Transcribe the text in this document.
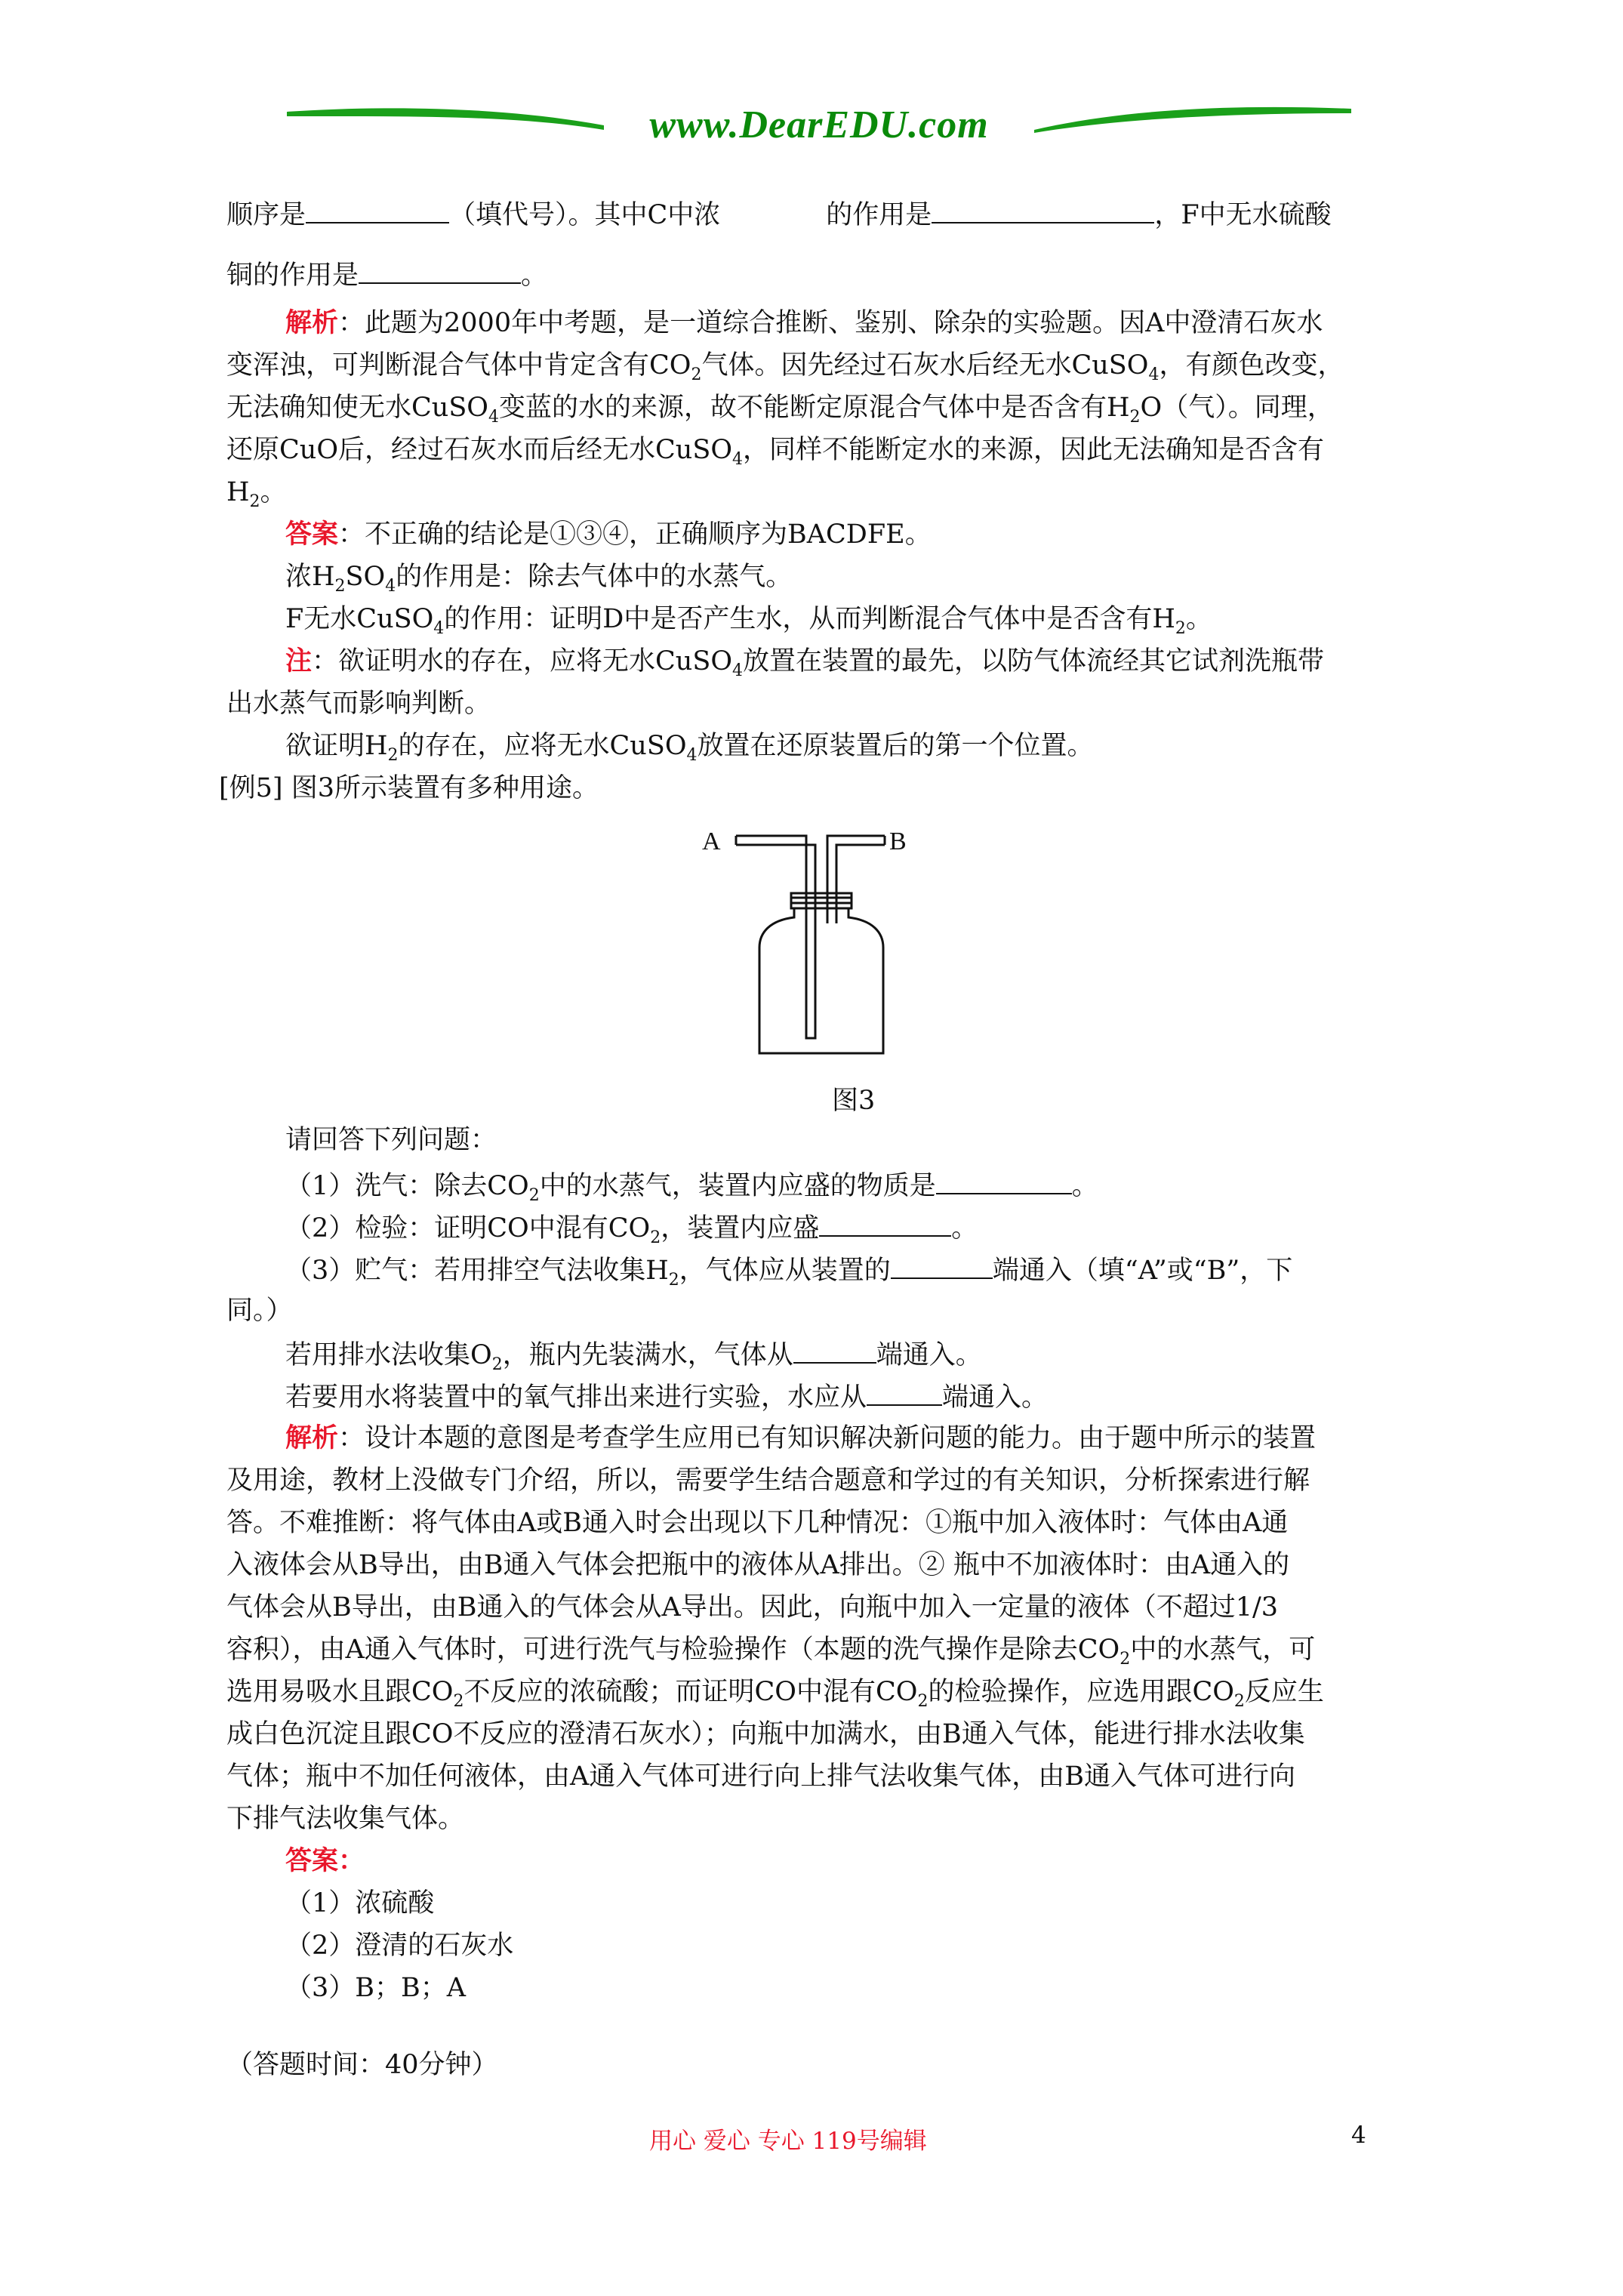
www.DearEDU.com
顺序是	（填代号）。其中C中浓	的作用是	，F中无水硫酸
铜的作用是	。
解析：此题为2000年中考题，是一道综合推断、鉴别、除杂的实验题。因A中澄清石灰水
变浑浊，可判断混合气体中肯定含有$CO_2$气体。因先经过石灰水后经无水CuSO$_4$，有颜色改变，
无法确知使无水CuSO$_4$变蓝的水的来源，故不能断定原混合气体中是否含有$H_2O$（气）。同理，
还原CuO后，经过石灰水而后经无水CuSO$_4$，同样不能断定水的来源，因此无法确知是否含有
$H_2$。
答案：不正确的结论是①③④，正确顺序为BACDFE。
浓$H_2SO_4$的作用是：除去气体中的水蒸气。
F无水CuSO$_4$的作用：证明D中是否产生水，从而判断混合气体中是否含有$H_2$。
注：欲证明水的存在，应将无水CuSO$_4$放置在装置的最先，以防气体流经其它试剂洗瓶带
出水蒸气而影响判断。
欲证明$H_2$的存在，应将无水CuSO$_4$放置在还原装置后的第一个位置。
[例5] 图3所示装置有多种用途。
A	B
图3
请回答下列问题：
（1）洗气：除去$CO_2$中的水蒸气，装置内应盛的物质是	。
（2）检验：证明CO中混有$CO_2$，装置内应盛	。
（3）贮气：若用排空气法收集$H_2$，气体应从装置的	端通入（填“A”或“B”，下
同。）
若用排水法收集$O_2$，瓶内先装满水，气体从	端通入。
若要用水将装置中的氧气排出来进行实验，水应从	端通入。
解析：设计本题的意图是考查学生应用已有知识解决新问题的能力。由于题中所示的装置
及用途，教材上没做专门介绍，所以，需要学生结合题意和学过的有关知识，分析探索进行解
答。不难推断：将气体由A或B通入时会出现以下几种情况：①瓶中加入液体时：气体由A通
入液体会从B导出，由B通入气体会把瓶中的液体从A排出。② 瓶中不加液体时：由A通入的
气体会从B导出，由B通入的气体会从A导出。因此，向瓶中加入一定量的液体（不超过1/3
容积），由A通入气体时，可进行洗气与检验操作（本题的洗气操作是除去$CO_2$中的水蒸气，可
选用易吸水且跟$CO_2$不反应的浓硫酸；而证明CO中混有$CO_2$的检验操作，应选用跟$CO_2$反应生
成白色沉淀且跟CO不反应的澄清石灰水）；向瓶中加满水，由B通入气体，能进行排水法收集
气体；瓶中不加任何液体，由A通入气体可进行向上排气法收集气体，由B通入气体可进行向
下排气法收集气体。
答案：
（1）浓硫酸
（2）澄清的石灰水
（3）B；B；A
（答题时间：40分钟）
用心 爱心 专心 119号编辑	4
